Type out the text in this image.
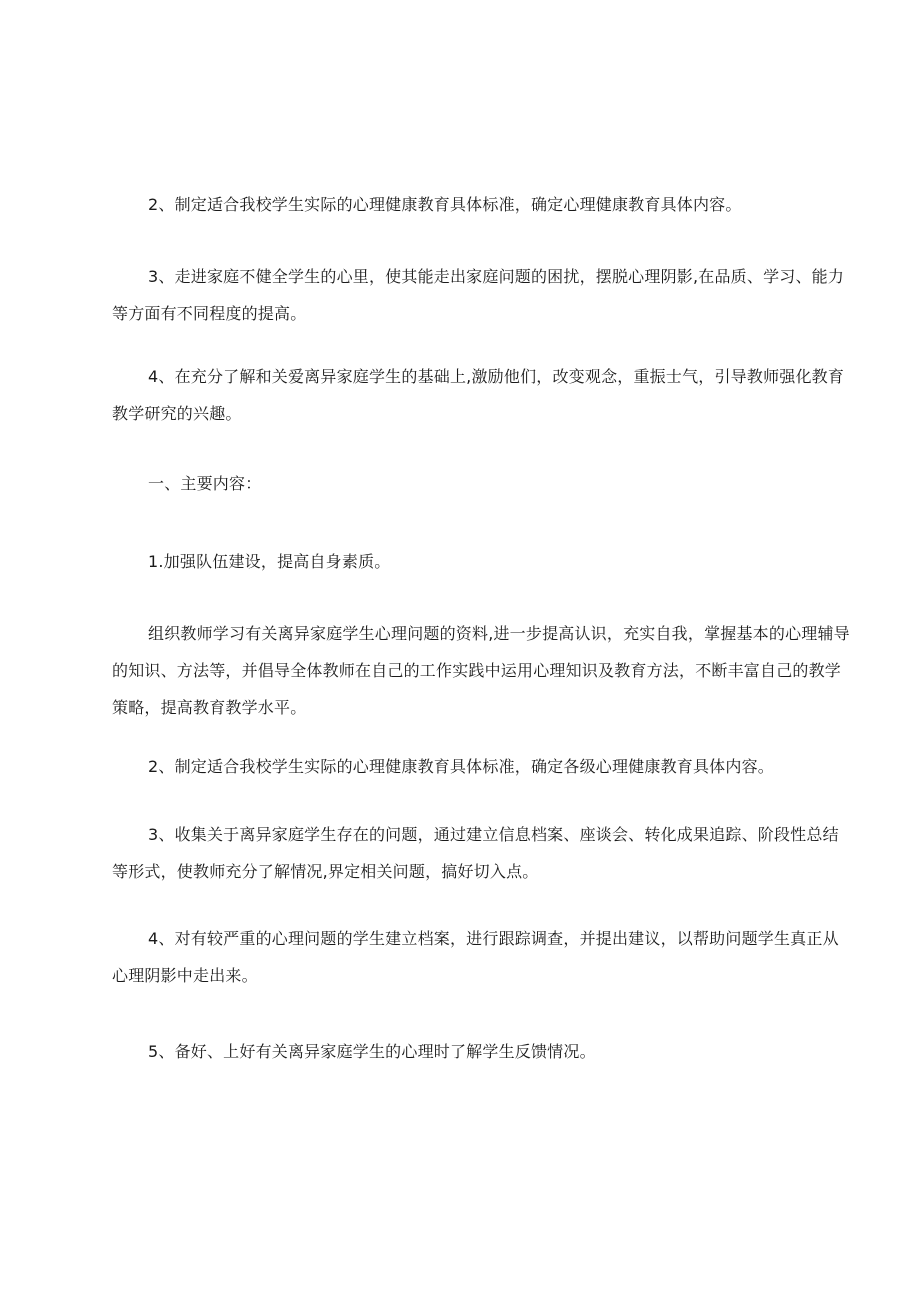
2、制定适合我校学生实际的心理健康教育具体标准，确定心理健康教育具体内容。
3、走进家庭不健全学生的心里，使其能走出家庭问题的困扰，摆脱心理阴影,在品质、学习、能力
等方面有不同程度的提高。
4、在充分了解和关爱离异家庭学生的基础上,激励他们，改变观念，重振士气，引导教师强化教育
教学研究的兴趣。
一、主要内容：
1.加强队伍建设，提高自身素质。
组织教师学习有关离异家庭学生心理问题的资料,进一步提高认识，充实自我，掌握基本的心理辅导
的知识、方法等，并倡导全体教师在自己的工作实践中运用心理知识及教育方法，不断丰富自己的教学
策略，提高教育教学水平。
2、制定适合我校学生实际的心理健康教育具体标准，确定各级心理健康教育具体内容。
3、收集关于离异家庭学生存在的问题，通过建立信息档案、座谈会、转化成果追踪、阶段性总结
等形式，使教师充分了解情况,界定相关问题，搞好切入点。
4、对有较严重的心理问题的学生建立档案，进行跟踪调查，并提出建议，以帮助问题学生真正从
心理阴影中走出来。
5、备好、上好有关离异家庭学生的心理时了解学生反馈情况。
